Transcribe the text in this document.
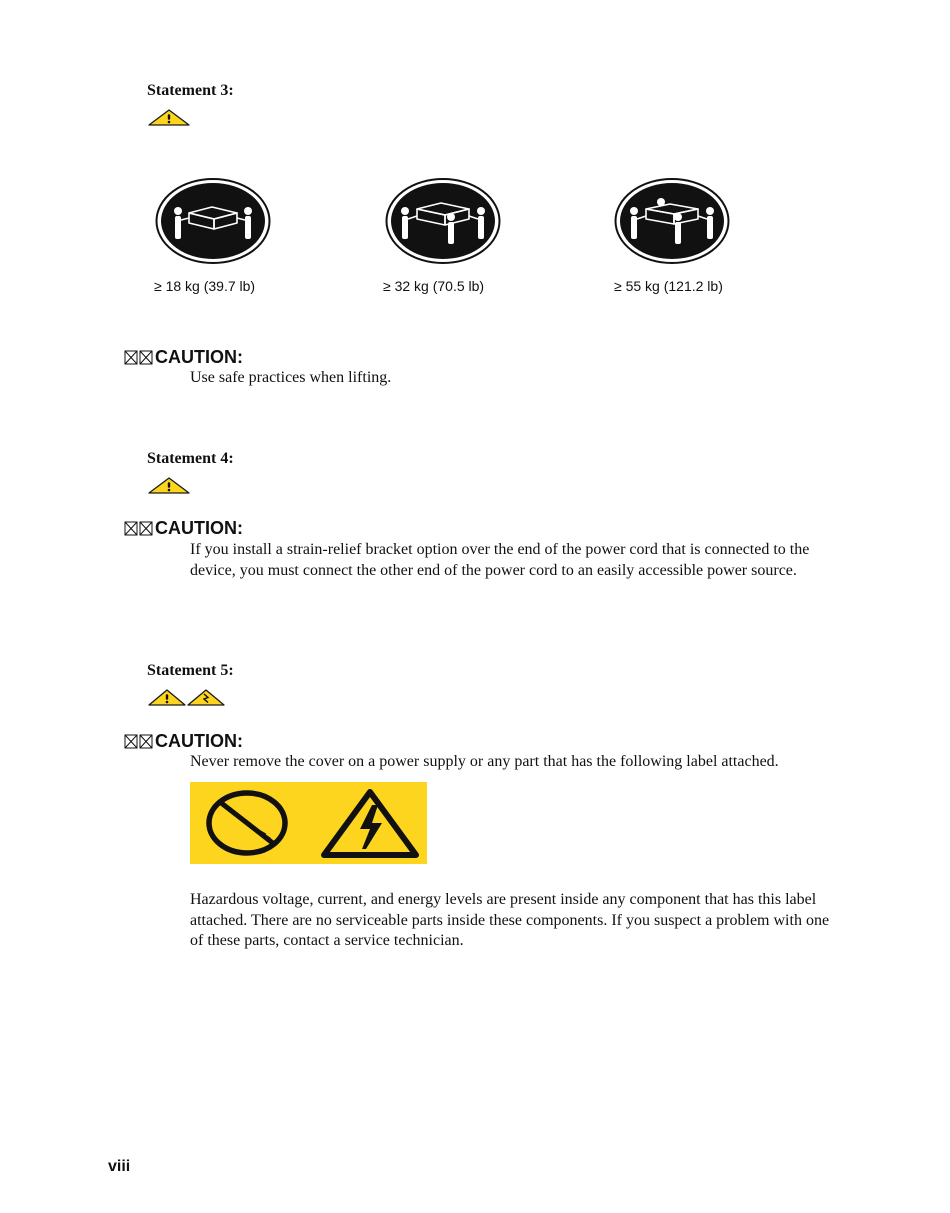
Statement 3:
≥ 18 kg (39.7 lb)	≥ 32 kg (70.5 lb)	≥ 55 kg (121.2 lb)
CAUTION:
Use safe practices when lifting.
Statement 4:
CAUTION:
If you install a strain-relief bracket option over the end of the power cord that is connected to the device, you must connect the other end of the power cord to an easily accessible power source.
Statement 5:
CAUTION:
Never remove the cover on a power supply or any part that has the following label attached.
Hazardous voltage, current, and energy levels are present inside any component that has this label attached. There are no serviceable parts inside these components. If you suspect a problem with one of these parts, contact a service technician.
viii
